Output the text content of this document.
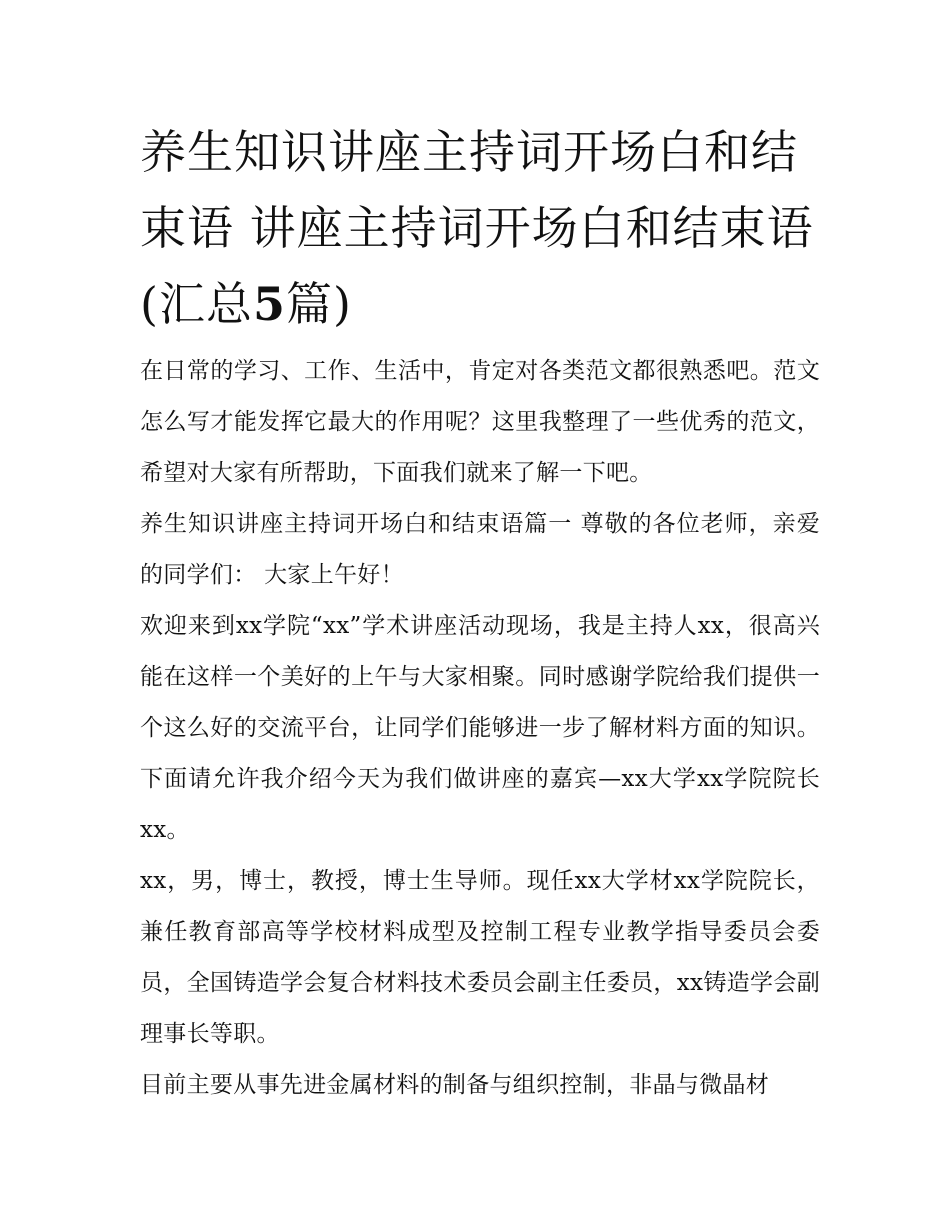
养生知识讲座主持词开场白和结束语 讲座主持词开场白和结束语(汇总5篇)

在日常的学习、工作、生活中，肯定对各类范文都很熟悉吧。范文怎么写才能发挥它最大的作用呢？这里我整理了一些优秀的范文，希望对大家有所帮助，下面我们就来了解一下吧。

养生知识讲座主持词开场白和结束语篇一 尊敬的各位老师，亲爱的同学们： 大家上午好！

欢迎来到xx学院“xx”学术讲座活动现场，我是主持人xx，很高兴能在这样一个美好的上午与大家相聚。同时感谢学院给我们提供一个这么好的交流平台，让同学们能够进一步了解材料方面的知识。下面请允许我介绍今天为我们做讲座的嘉宾—xx大学xx学院院长xx。

xx，男，博士，教授，博士生导师。现任xx大学材xx学院院长，兼任教育部高等学校材料成型及控制工程专业教学指导委员会委员，全国铸造学会复合材料技术委员会副主任委员，xx铸造学会副理事长等职。

目前主要从事先进金属材料的制备与组织控制，非晶与微晶材
